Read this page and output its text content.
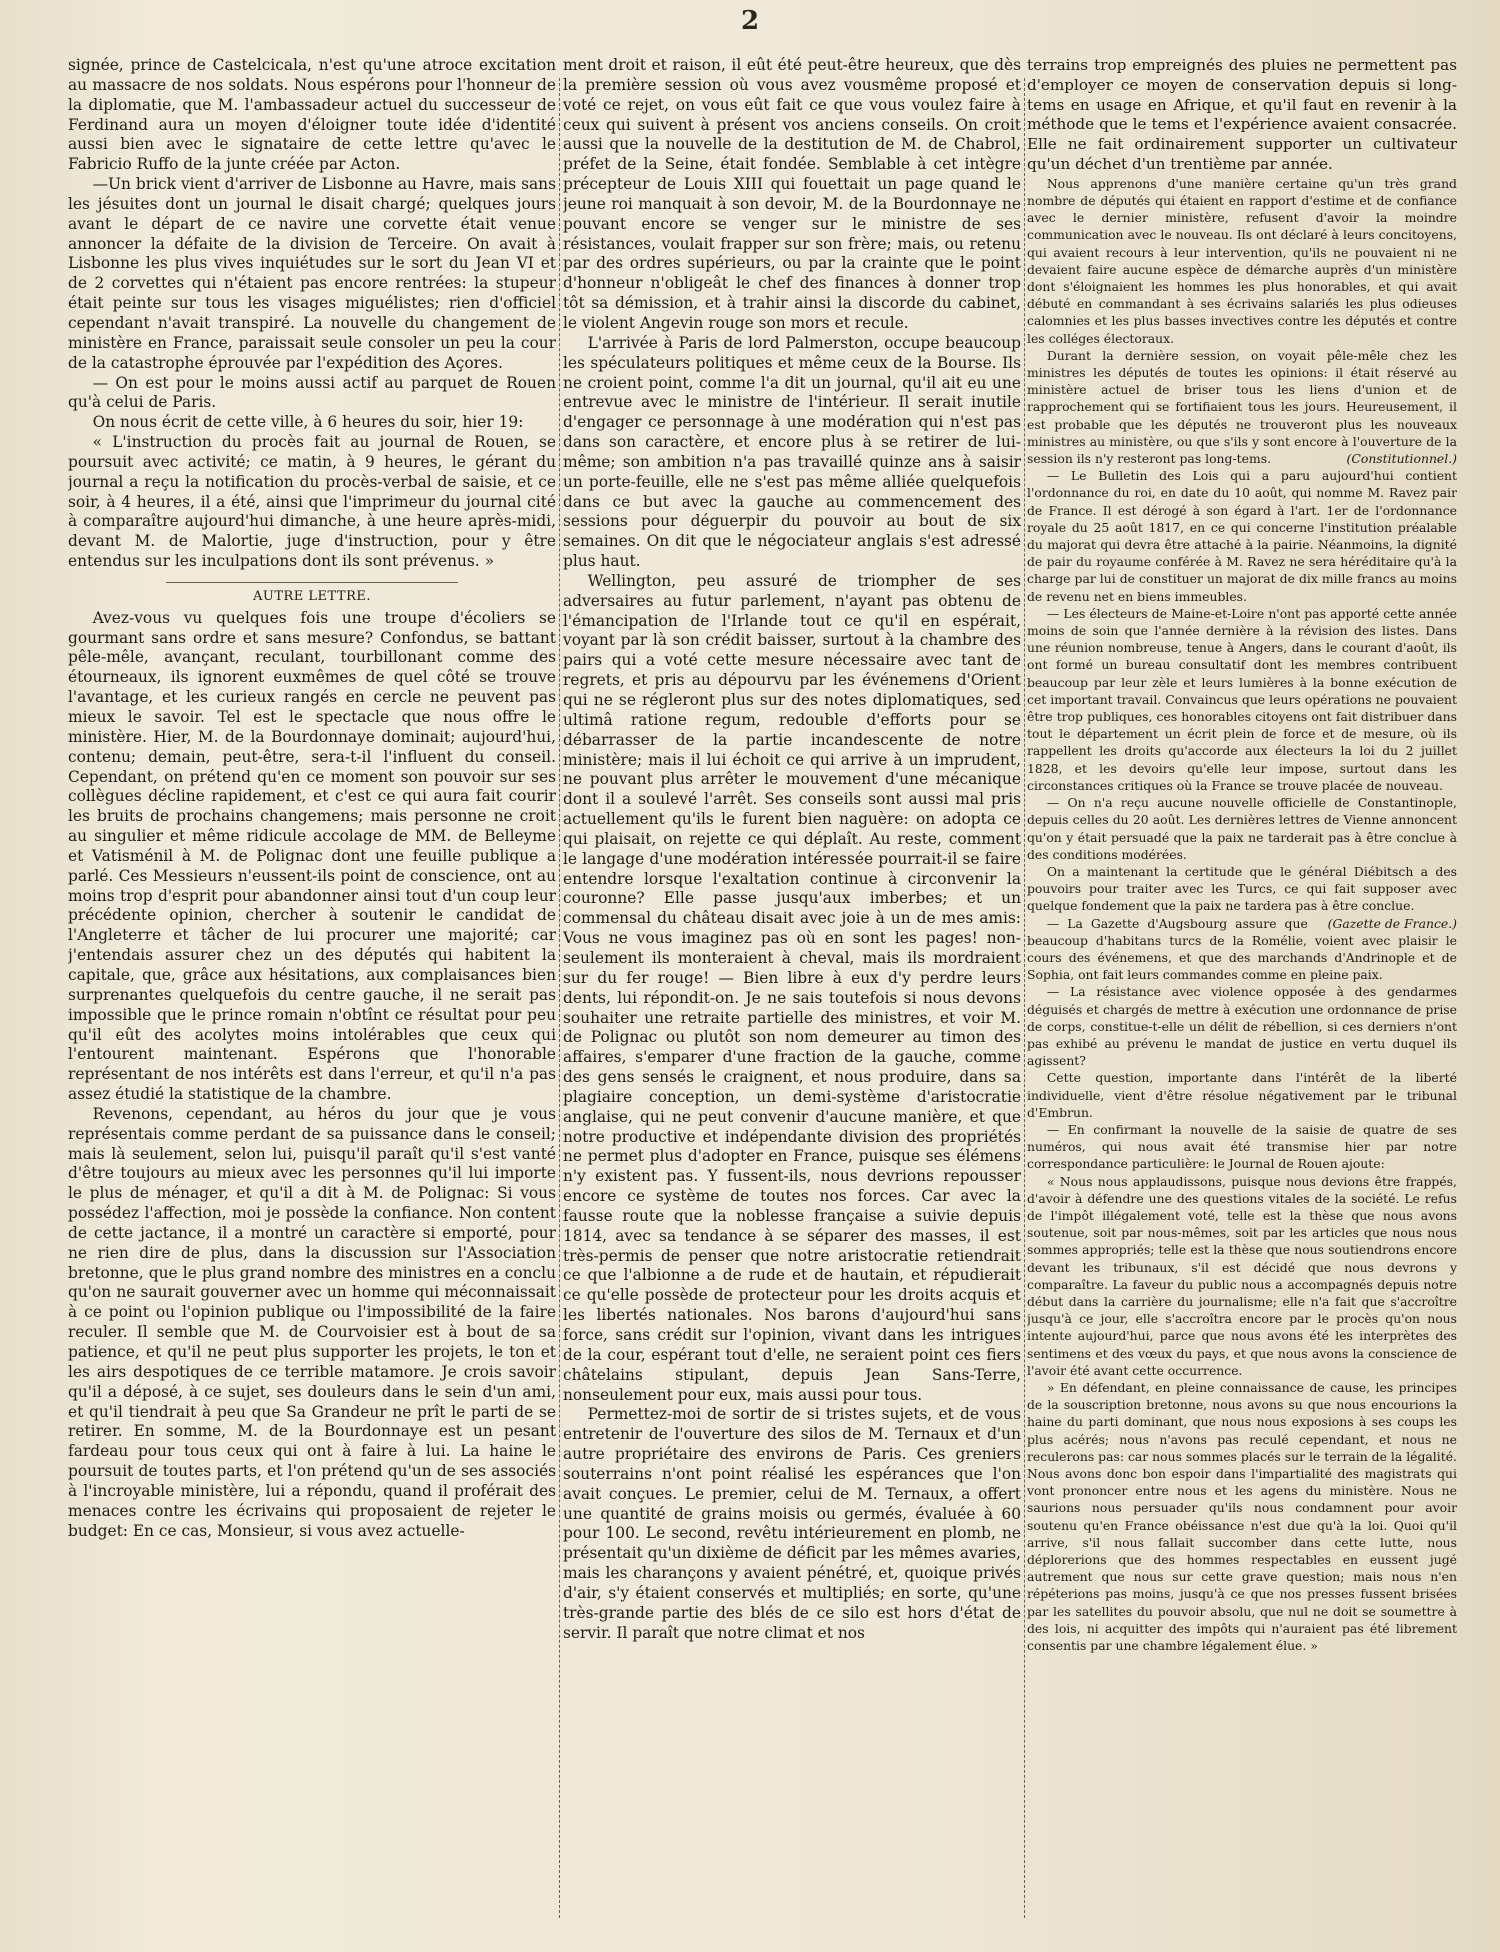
2

signée, prince de Castelcicala, n'est qu'une atroce excitation au massacre de nos soldats. Nous espérons pour l'honneur de la diplomatie, que M. l'ambassadeur actuel du successeur de Ferdinand aura un moyen d'éloigner toute idée d'identité aussi bien avec le signataire de cette lettre qu'avec le Fabricio Ruffo de la junte créée par Acton.

—Un brick vient d'arriver de Lisbonne au Havre, mais sans les jésuites dont un journal le disait chargé; quelques jours avant le départ de ce navire une corvette était venue annoncer la défaite de la division de Terceire. On avait à Lisbonne les plus vives inquiétudes sur le sort du Jean VI et de 2 corvettes qui n'étaient pas encore rentrées: la stupeur était peinte sur tous les visages miguélistes; rien d'officiel cependant n'avait transpiré. La nouvelle du changement de ministère en France, paraissait seule consoler un peu la cour de la catastrophe éprouvée par l'expédition des Açores.

— On est pour le moins aussi actif au parquet de Rouen qu'à celui de Paris.

On nous écrit de cette ville, à 6 heures du soir, hier 19:

« L'instruction du procès fait au journal de Rouen, se poursuit avec activité; ce matin, à 9 heures, le gérant du journal a reçu la notification du procès-verbal de saisie, et ce soir, à 4 heures, il a été, ainsi que l'imprimeur du journal cité à comparaître aujourd'hui dimanche, à une heure après-midi, devant M. de Malortie, juge d'instruction, pour y être entendus sur les inculpations dont ils sont prévenus. »

AUTRE LETTRE.

Avez-vous vu quelques fois une troupe d'écoliers se gourmant sans ordre et sans mesure? Confondus, se battant pêle-mêle, avançant, reculant, tourbillonant comme des étourneaux, ils ignorent euxmêmes de quel côté se trouve l'avantage, et les curieux rangés en cercle ne peuvent pas mieux le savoir. Tel est le spectacle que nous offre le ministère. Hier, M. de la Bourdonnaye dominait; aujourd'hui, contenu; demain, peut-être, sera-t-il l'influent du conseil. Cependant, on prétend qu'en ce moment son pouvoir sur ses collègues décline rapidement, et c'est ce qui aura fait courir les bruits de prochains changemens; mais personne ne croit au singulier et même ridicule accolage de MM. de Belleyme et Vatisménil à M. de Polignac dont une feuille publique a parlé. Ces Messieurs n'eussent-ils point de conscience, ont au moins trop d'esprit pour abandonner ainsi tout d'un coup leur précédente opinion, chercher à soutenir le candidat de l'Angleterre et tâcher de lui procurer une majorité; car j'entendais assurer chez un des députés qui habitent la capitale, que, grâce aux hésitations, aux complaisances bien surprenantes quelquefois du centre gauche, il ne serait pas impossible que le prince romain n'obtînt ce résultat pour peu qu'il eût des acolytes moins intolérables que ceux qui l'entourent maintenant. Espérons que l'honorable représentant de nos intérêts est dans l'erreur, et qu'il n'a pas assez étudié la statistique de la chambre.

Revenons, cependant, au héros du jour que je vous représentais comme perdant de sa puissance dans le conseil; mais là seulement, selon lui, puisqu'il paraît qu'il s'est vanté d'être toujours au mieux avec les personnes qu'il lui importe le plus de ménager, et qu'il a dit à M. de Polignac: Si vous possédez l'affection, moi je possède la confiance. Non content de cette jactance, il a montré un caractère si emporté, pour ne rien dire de plus, dans la discussion sur l'Association bretonne, que le plus grand nombre des ministres en a conclu qu'on ne saurait gouverner avec un homme qui méconnaissait à ce point ou l'opinion publique ou l'impossibilité de la faire reculer. Il semble que M. de Courvoisier est à bout de sa patience, et qu'il ne peut plus supporter les projets, le ton et les airs despotiques de ce terrible matamore. Je crois savoir qu'il a déposé, à ce sujet, ses douleurs dans le sein d'un ami, et qu'il tiendrait à peu que Sa Grandeur ne prît le parti de se retirer. En somme, M. de la Bourdonnaye est un pesant fardeau pour tous ceux qui ont à faire à lui. La haine le poursuit de toutes parts, et l'on prétend qu'un de ses associés à l'incroyable ministère, lui a répondu, quand il proférait des menaces contre les écrivains qui proposaient de rejeter le budget: En ce cas, Monsieur, si vous avez actuelle-

ment droit et raison, il eût été peut-être heureux, que dès la première session où vous avez vousmême proposé et voté ce rejet, on vous eût fait ce que vous voulez faire à ceux qui suivent à présent vos anciens conseils. On croit aussi que la nouvelle de la destitution de M. de Chabrol, préfet de la Seine, était fondée. Semblable à cet intègre précepteur de Louis XIII qui fouettait un page quand le jeune roi manquait à son devoir, M. de la Bourdonnaye ne pouvant encore se venger sur le ministre de ses résistances, voulait frapper sur son frère; mais, ou retenu par des ordres supérieurs, ou par la crainte que le point d'honneur n'obligeât le chef des finances à donner trop tôt sa démission, et à trahir ainsi la discorde du cabinet, le violent Angevin rouge son mors et recule.

L'arrivée à Paris de lord Palmerston, occupe beaucoup les spéculateurs politiques et même ceux de la Bourse. Ils ne croient point, comme l'a dit un journal, qu'il ait eu une entrevue avec le ministre de l'intérieur. Il serait inutile d'engager ce personnage à une modération qui n'est pas dans son caractère, et encore plus à se retirer de lui-même; son ambition n'a pas travaillé quinze ans à saisir un porte-feuille, elle ne s'est pas même alliée quelquefois dans ce but avec la gauche au commencement des sessions pour déguerpir du pouvoir au bout de six semaines. On dit que le négociateur anglais s'est adressé plus haut.

Wellington, peu assuré de triompher de ses adversaires au futur parlement, n'ayant pas obtenu de l'émancipation de l'Irlande tout ce qu'il en espérait, voyant par là son crédit baisser, surtout à la chambre des pairs qui a voté cette mesure nécessaire avec tant de regrets, et pris au dépourvu par les événemens d'Orient qui ne se régleront plus sur des notes diplomatiques, sed ultimâ ratione regum, redouble d'efforts pour se débarrasser de la partie incandescente de notre ministère; mais il lui échoit ce qui arrive à un imprudent, ne pouvant plus arrêter le mouvement d'une mécanique dont il a soulevé l'arrêt. Ses conseils sont aussi mal pris actuellement qu'ils le furent bien naguère: on adopta ce qui plaisait, on rejette ce qui déplaît. Au reste, comment le langage d'une modération intéressée pourrait-il se faire entendre lorsque l'exaltation continue à circonvenir la couronne? Elle passe jusqu'aux imberbes; et un commensal du château disait avec joie à un de mes amis: Vous ne vous imaginez pas où en sont les pages! non-seulement ils monteraient à cheval, mais ils mordraient sur du fer rouge! — Bien libre à eux d'y perdre leurs dents, lui répondit-on. Je ne sais toutefois si nous devons souhaiter une retraite partielle des ministres, et voir M. de Polignac ou plutôt son nom demeurer au timon des affaires, s'emparer d'une fraction de la gauche, comme des gens sensés le craignent, et nous produire, dans sa plagiaire conception, un demi-système d'aristocratie anglaise, qui ne peut convenir d'aucune manière, et que notre productive et indépendante division des propriétés ne permet plus d'adopter en France, puisque ses élémens n'y existent pas. Y fussent-ils, nous devrions repousser encore ce système de toutes nos forces. Car avec la fausse route que la noblesse française a suivie depuis 1814, avec sa tendance à se séparer des masses, il est très-permis de penser que notre aristocratie retiendrait ce que l'albionne a de rude et de hautain, et répudierait ce qu'elle possède de protecteur pour les droits acquis et les libertés nationales. Nos barons d'aujourd'hui sans force, sans crédit sur l'opinion, vivant dans les intrigues de la cour, espérant tout d'elle, ne seraient point ces fiers châtelains stipulant, depuis Jean Sans-Terre, nonseulement pour eux, mais aussi pour tous.

Permettez-moi de sortir de si tristes sujets, et de vous entretenir de l'ouverture des silos de M. Ternaux et d'un autre propriétaire des environs de Paris. Ces greniers souterrains n'ont point réalisé les espérances que l'on avait conçues. Le premier, celui de M. Ternaux, a offert une quantité de grains moisis ou germés, évaluée à 60 pour 100. Le second, revêtu intérieurement en plomb, ne présentait qu'un dixième de déficit par les mêmes avaries, mais les charançons y avaient pénétré, et, quoique privés d'air, s'y étaient conservés et multipliés; en sorte, qu'une très-grande partie des blés de ce silo est hors d'état de servir. Il paraît que notre climat et nos

terrains trop empreignés des pluies ne permettent pas d'employer ce moyen de conservation depuis si long-tems en usage en Afrique, et qu'il faut en revenir à la méthode que le tems et l'expérience avaient consacrée. Elle ne fait ordinairement supporter un cultivateur qu'un déchet d'un trentième par année.

Nous apprenons d'une manière certaine qu'un très grand nombre de députés qui étaient en rapport d'estime et de confiance avec le dernier ministère, refusent d'avoir la moindre communication avec le nouveau. Ils ont déclaré à leurs concitoyens, qui avaient recours à leur intervention, qu'ils ne pouvaient ni ne devaient faire aucune espèce de démarche auprès d'un ministère dont s'éloignaient les hommes les plus honorables, et qui avait débuté en commandant à ses écrivains salariés les plus odieuses calomnies et les plus basses invectives contre les députés et contre les colléges électoraux.

Durant la dernière session, on voyait pêle-mêle chez les ministres les députés de toutes les opinions: il était réservé au ministère actuel de briser tous les liens d'union et de rapprochement qui se fortifiaient tous les jours. Heureusement, il est probable que les députés ne trouveront plus les nouveaux ministres au ministère, ou que s'ils y sont encore à l'ouverture de la session ils n'y resteront pas long-tems.	(Constitutionnel.)

— Le Bulletin des Lois qui a paru aujourd'hui contient l'ordonnance du roi, en date du 10 août, qui nomme M. Ravez pair de France. Il est dérogé à son égard à l'art. 1er de l'ordonnance royale du 25 août 1817, en ce qui concerne l'institution préalable du majorat qui devra être attaché à la pairie. Néanmoins, la dignité de pair du royaume conférée à M. Ravez ne sera héréditaire qu'à la charge par lui de constituer un majorat de dix mille francs au moins de revenu net en biens immeubles.

— Les électeurs de Maine-et-Loire n'ont pas apporté cette année moins de soin que l'année dernière à la révision des listes. Dans une réunion nombreuse, tenue à Angers, dans le courant d'août, ils ont formé un bureau consultatif dont les membres contribuent beaucoup par leur zèle et leurs lumières à la bonne exécution de cet important travail. Convaincus que leurs opérations ne pouvaient être trop publiques, ces honorables citoyens ont fait distribuer dans tout le département un écrit plein de force et de mesure, où ils rappellent les droits qu'accorde aux électeurs la loi du 2 juillet 1828, et les devoirs qu'elle leur impose, surtout dans les circonstances critiques où la France se trouve placée de nouveau.

— On n'a reçu aucune nouvelle officielle de Constantinople, depuis celles du 20 août. Les dernières lettres de Vienne annoncent qu'on y était persuadé que la paix ne tarderait pas à être conclue à des conditions modérées.

On a maintenant la certitude que le général Diébitsch a des pouvoirs pour traiter avec les Turcs, ce qui fait supposer avec quelque fondement que la paix ne tardera pas à être conclue.
(Gazette de France.)

— La Gazette d'Augsbourg assure que beaucoup d'habitans turcs de la Romélie, voient avec plaisir le cours des événemens, et que des marchands d'Andrinople et de Sophia, ont fait leurs commandes comme en pleine paix.

— La résistance avec violence opposée à des gendarmes déguisés et chargés de mettre à exécution une ordonnance de prise de corps, constitue-t-elle un délit de rébellion, si ces derniers n'ont pas exhibé au prévenu le mandat de justice en vertu duquel ils agissent?

Cette question, importante dans l'intérêt de la liberté individuelle, vient d'être résolue négativement par le tribunal d'Embrun.

— En confirmant la nouvelle de la saisie de quatre de ses numéros, qui nous avait été transmise hier par notre correspondance particulière: le Journal de Rouen ajoute:

« Nous nous applaudissons, puisque nous devions être frappés, d'avoir à défendre une des questions vitales de la société. Le refus de l'impôt illégalement voté, telle est la thèse que nous avons soutenue, soit par nous-mêmes, soit par les articles que nous nous sommes appropriés; telle est la thèse que nous soutiendrons encore devant les tribunaux, s'il est décidé que nous devrons y comparaître. La faveur du public nous a accompagnés depuis notre début dans la carrière du journalisme; elle n'a fait que s'accroître jusqu'à ce jour, elle s'accroîtra encore par le procès qu'on nous intente aujourd'hui, parce que nous avons été les interprètes des sentimens et des vœux du pays, et que nous avons la conscience de l'avoir été avant cette occurrence.

» En défendant, en pleine connaissance de cause, les principes de la souscription bretonne, nous avons su que nous encourions la haine du parti dominant, que nous nous exposions à ses coups les plus acérés; nous n'avons pas reculé cependant, et nous ne reculerons pas: car nous sommes placés sur le terrain de la légalité. Nous avons donc bon espoir dans l'impartialité des magistrats qui vont prononcer entre nous et les agens du ministère. Nous ne saurions nous persuader qu'ils nous condamnent pour avoir soutenu qu'en France obéissance n'est due qu'à la loi. Quoi qu'il arrive, s'il nous fallait succomber dans cette lutte, nous déplorerions que des hommes respectables en eussent jugé autrement que nous sur cette grave question; mais nous n'en répéterions pas moins, jusqu'à ce que nos presses fussent brisées par les satellites du pouvoir absolu, que nul ne doit se soumettre à des lois, ni acquitter des impôts qui n'auraient pas été librement consentis par une chambre légalement élue. »
